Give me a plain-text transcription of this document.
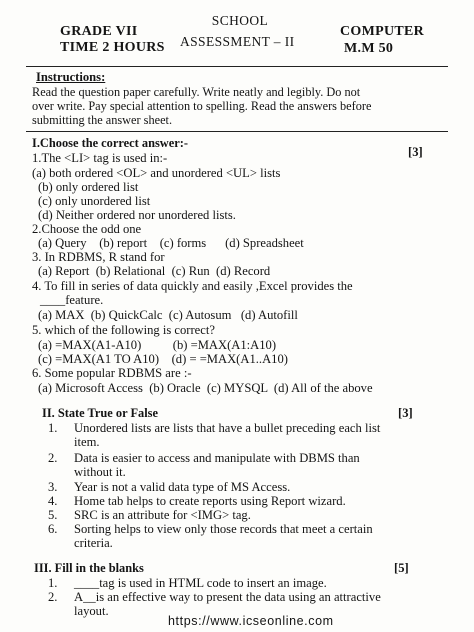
GRADE VII
TIME 2 HOURS
SCHOOL
ASSESSMENT – II
COMPUTER
M.M 50
Instructions:
Read the question paper carefully. Write neatly and legibly. Do not
over write. Pay special attention to spelling. Read the answers before
submitting the answer sheet.
I.Choose the correct answer:-
[3]
1.The <LI> tag is used in:-
(a) both ordered <OL> and unordered <UL> lists
(b) only ordered list
(c) only unordered list
(d) Neither ordered nor unordered lists.
2.Choose the odd one
(a) Query    (b) report    (c) forms      (d) Spreadsheet
3. In RDBMS, R stand for
(a) Report  (b) Relational  (c) Run  (d) Record
4. To fill in series of data quickly and easily ,Excel provides the
____feature.
(a) MAX  (b) QuickCalc  (c) Autosum   (d) Autofill
5. which of the following is correct?
(a) =MAX(A1-A10)          (b) =MAX(A1:A10)
(c) =MAX(A1 TO A10)    (d) = =MAX(A1..A10)
6. Some popular RDBMS are :-
(a) Microsoft Access  (b) Oracle  (c) MYSQL  (d) All of the above
II. State True or False	[3]
1. Unordered lists are lists that have a bullet preceding each list
item.
2. Data is easier to access and manipulate with DBMS than
without it.
3. Year is not a valid data type of MS Access.
4. Home tab helps to create reports using Report wizard.
5. SRC is an attribute for <IMG> tag.
6. Sorting helps to view only those records that meet a certain
criteria.
III. Fill in the blanks	[5]
1. ____tag is used in HTML code to insert an image.
2. A__is an effective way to present the data using an attractive
layout.
https://www.icseonline.com
